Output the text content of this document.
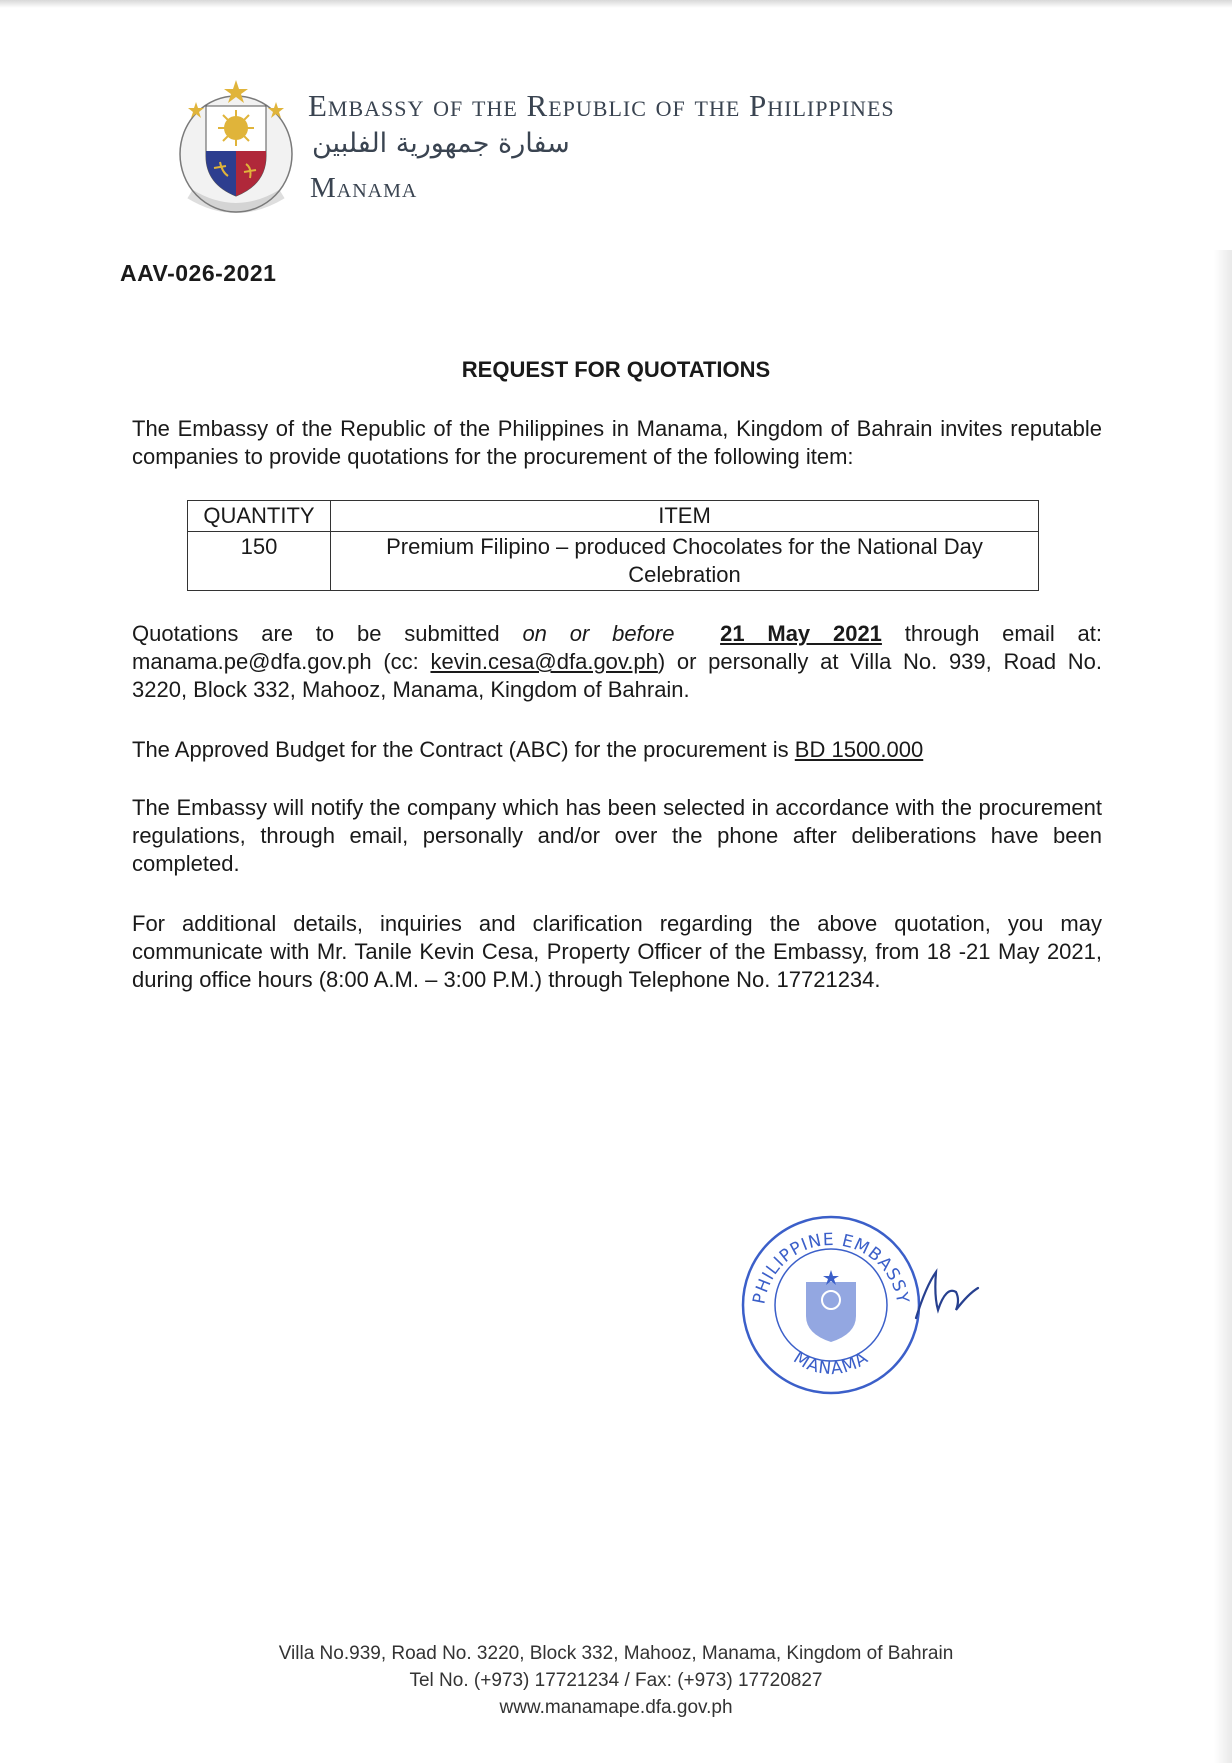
Embassy of the Republic of the Philippines
سفارة جمهورية الفلبين
Manama
AAV-026-2021
REQUEST FOR QUOTATIONS
The Embassy of the Republic of the Philippines in Manama, Kingdom of Bahrain invites reputable companies to provide quotations for the procurement of the following item:
QUANTITY	ITEM
150	Premium Filipino – produced Chocolates for the National Day Celebration
Quotations are to be submitted on or before 21 May 2021 through email at: manama.pe@dfa.gov.ph (cc: kevin.cesa@dfa.gov.ph) or personally at Villa No. 939, Road No. 3220, Block 332, Mahooz, Manama, Kingdom of Bahrain.
The Approved Budget for the Contract (ABC) for the procurement is BD 1500.000
The Embassy will notify the company which has been selected in accordance with the procurement regulations, through email, personally and/or over the phone after deliberations have been completed.
For additional details, inquiries and clarification regarding the above quotation, you may communicate with Mr. Tanile Kevin Cesa, Property Officer of the Embassy, from 18 -21 May 2021, during office hours (8:00 A.M. – 3:00 P.M.) through Telephone No. 17721234.
PHILIPPINE EMBASSY
MANAMA
Villa No.939, Road No. 3220, Block 332, Mahooz, Manama, Kingdom of Bahrain
Tel No. (+973) 17721234 / Fax: (+973) 17720827
www.manamape.dfa.gov.ph
